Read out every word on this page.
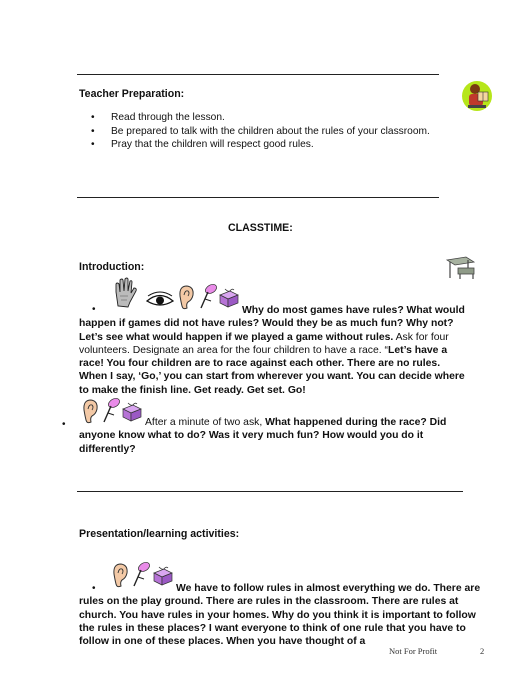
Teacher Preparation:
• Read through the lesson.
• Be prepared to talk with the children about the rules of your classroom.
• Pray that the children will respect good rules.
CLASSTIME:
Introduction:
•	Why do most games have rules? What would happen if games did not have rules? Would they be as much fun? Why not? Let’s see what would happen if we played a game without rules. Ask for four volunteers. Designate an area for the four children to have a race. “Let’s have a race! You four children are to race against each other. There are no rules. When I say, ‘Go,’ you can start from wherever you want. You can decide where to make the finish line. Get ready. Get set. Go!
•	After a minute of two ask, What happened during the race? Did anyone know what to do? Was it very much fun? How would you do it differently?
Presentation/learning activities:
•	We have to follow rules in almost everything we do. There are rules on the play ground. There are rules in the classroom. There are rules at church. You have rules in your homes. Why do you think it is important to follow the rules in these places? I want everyone to think of one rule that you have to follow in one of these places. When you have thought of a
Not For Profit	2
